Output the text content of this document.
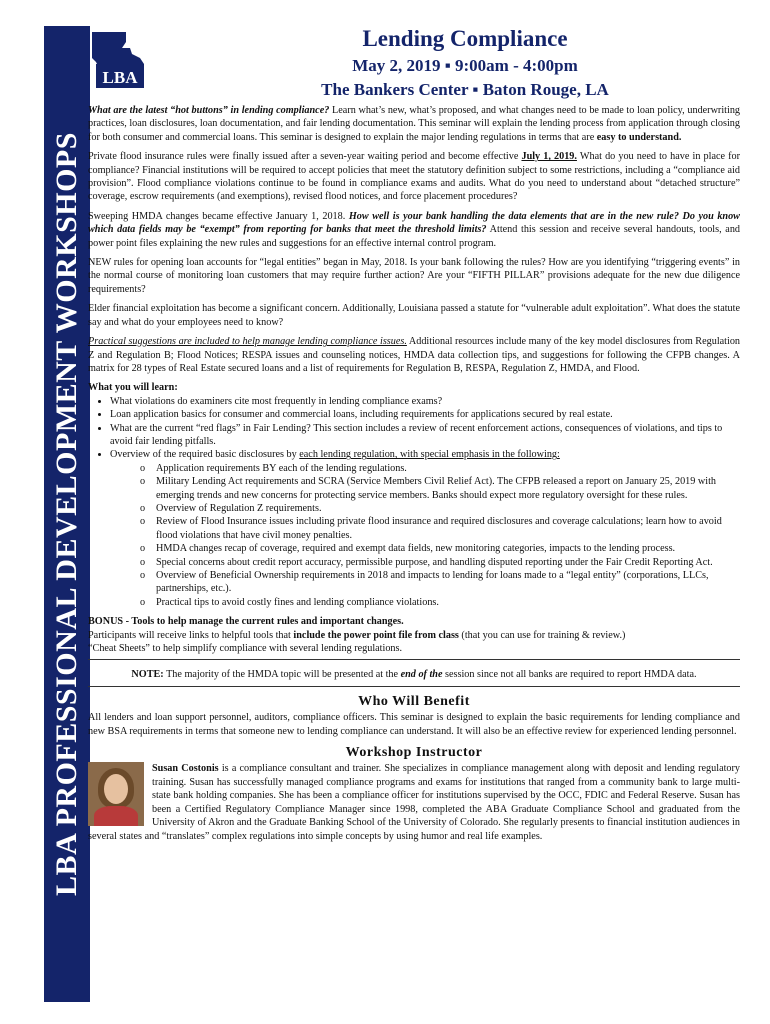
LBA PROFESSIONAL DEVELOPMENT WORKSHOPS
LBA
Lending Compliance
May 2, 2019 ▪ 9:00am - 4:00pm
The Bankers Center ▪ Baton Rouge, LA

What are the latest “hot buttons” in lending compliance? Learn what’s new, what’s proposed, and what changes need to be made to loan policy, underwriting practices, loan disclosures, loan documentation, and fair lending documentation. This seminar will explain the lending process from application through closing for both consumer and commercial loans. This seminar is designed to explain the major lending regulations in terms that are easy to understand.

Private flood insurance rules were finally issued after a seven-year waiting period and become effective July 1, 2019. What do you need to have in place for compliance? Financial institutions will be required to accept policies that meet the statutory definition subject to some restrictions, including a “compliance aid provision”. Flood compliance violations continue to be found in compliance exams and audits. What do you need to understand about “detached structure” coverage, escrow requirements (and exemptions), revised flood notices, and force placement procedures?

Sweeping HMDA changes became effective January 1, 2018. How well is your bank handling the data elements that are in the new rule? Do you know which data fields may be “exempt” from reporting for banks that meet the threshold limits? Attend this session and receive several handouts, tools, and power point files explaining the new rules and suggestions for an effective internal control program.

NEW rules for opening loan accounts for “legal entities” began in May, 2018. Is your bank following the rules? How are you identifying “triggering events” in the normal course of monitoring loan customers that may require further action? Are your “FIFTH PILLAR” provisions adequate for the new due diligence requirements?

Elder financial exploitation has become a significant concern. Additionally, Louisiana passed a statute for “vulnerable adult exploitation”. What does the statute say and what do your employees need to know?

Practical suggestions are included to help manage lending compliance issues. Additional resources include many of the key model disclosures from Regulation Z and Regulation B; Flood Notices; RESPA issues and counseling notices, HMDA data collection tips, and suggestions for following the CFPB changes. A matrix for 28 types of Real Estate secured loans and a list of requirements for Regulation B, RESPA, Regulation Z, HMDA, and Flood.

What you will learn:
• What violations do examiners cite most frequently in lending compliance exams?
• Loan application basics for consumer and commercial loans, including requirements for applications secured by real estate.
• What are the current “red flags” in Fair Lending? This section includes a review of recent enforcement actions, consequences of violations, and tips to avoid fair lending pitfalls.
• Overview of the required basic disclosures by each lending regulation, with special emphasis in the following:
o Application requirements BY each of the lending regulations.
o Military Lending Act requirements and SCRA (Service Members Civil Relief Act). The CFPB released a report on January 25, 2019 with emerging trends and new concerns for protecting service members. Banks should expect more regulatory oversight for these rules.
o Overview of Regulation Z requirements.
o Review of Flood Insurance issues including private flood insurance and required disclosures and coverage calculations; learn how to avoid flood violations that have civil money penalties.
o HMDA changes recap of coverage, required and exempt data fields, new monitoring categories, impacts to the lending process.
o Special concerns about credit report accuracy, permissible purpose, and handling disputed reporting under the Fair Credit Reporting Act.
o Overview of Beneficial Ownership requirements in 2018 and impacts to lending for loans made to a “legal entity” (corporations, LLCs, partnerships, etc.).
o Practical tips to avoid costly fines and lending compliance violations.
BONUS - Tools to help manage the current rules and important changes.
Participants will receive links to helpful tools that include the power point file from class (that you can use for training & review.)
“Cheat Sheets” to help simplify compliance with several lending regulations.
NOTE: The majority of the HMDA topic will be presented at the end of the session since not all banks are required to report HMDA data.
Who Will Benefit

All lenders and loan support personnel, auditors, compliance officers. This seminar is designed to explain the basic requirements for lending compliance and new BSA requirements in terms that someone new to lending compliance can understand. It will also be an effective review for experienced lending personnel.

Workshop Instructor

Susan Costonis is a compliance consultant and trainer. She specializes in compliance management along with deposit and lending regulatory training. Susan has successfully managed compliance programs and exams for institutions that ranged from a community bank to large multi-state bank holding companies. She has been a compliance officer for institutions supervised by the OCC, FDIC and Federal Reserve. Susan has been a Certified Regulatory Compliance Manager since 1998, completed the ABA Graduate Compliance School and graduated from the University of Akron and the Graduate Banking School of the University of Colorado. She regularly presents to financial institution audiences in several states and “translates” complex regulations into simple concepts by using humor and real life examples.
